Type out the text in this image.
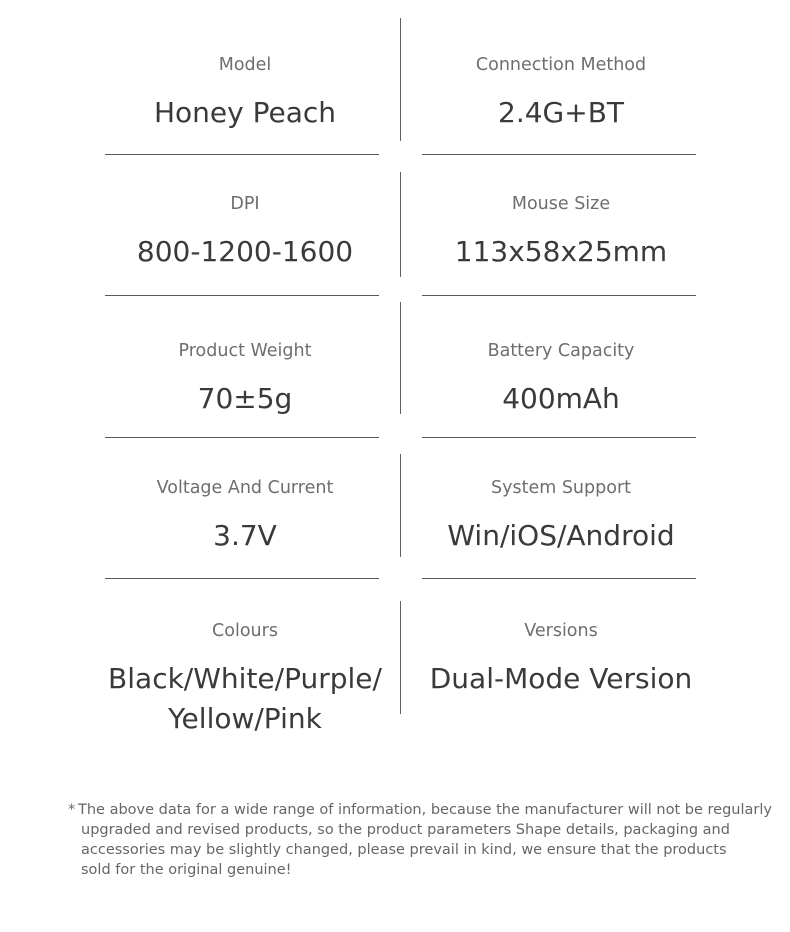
Model
Honey Peach
Connection Method
2.4G+BT
DPI
800-1200-1600
Mouse Size
113x58x25mm
Product Weight
70±5g
Battery Capacity
400mAh
Voltage And Current
3.7V
System Support
Win/iOS/Android
Colours
Black/White/Purple/
Yellow/Pink
Versions
Dual-Mode Version
* The above data for a wide range of information, because the manufacturer will not be regularly
upgraded and revised products, so the product parameters Shape details, packaging and
accessories may be slightly changed, please prevail in kind, we ensure that the products
sold for the original genuine!
